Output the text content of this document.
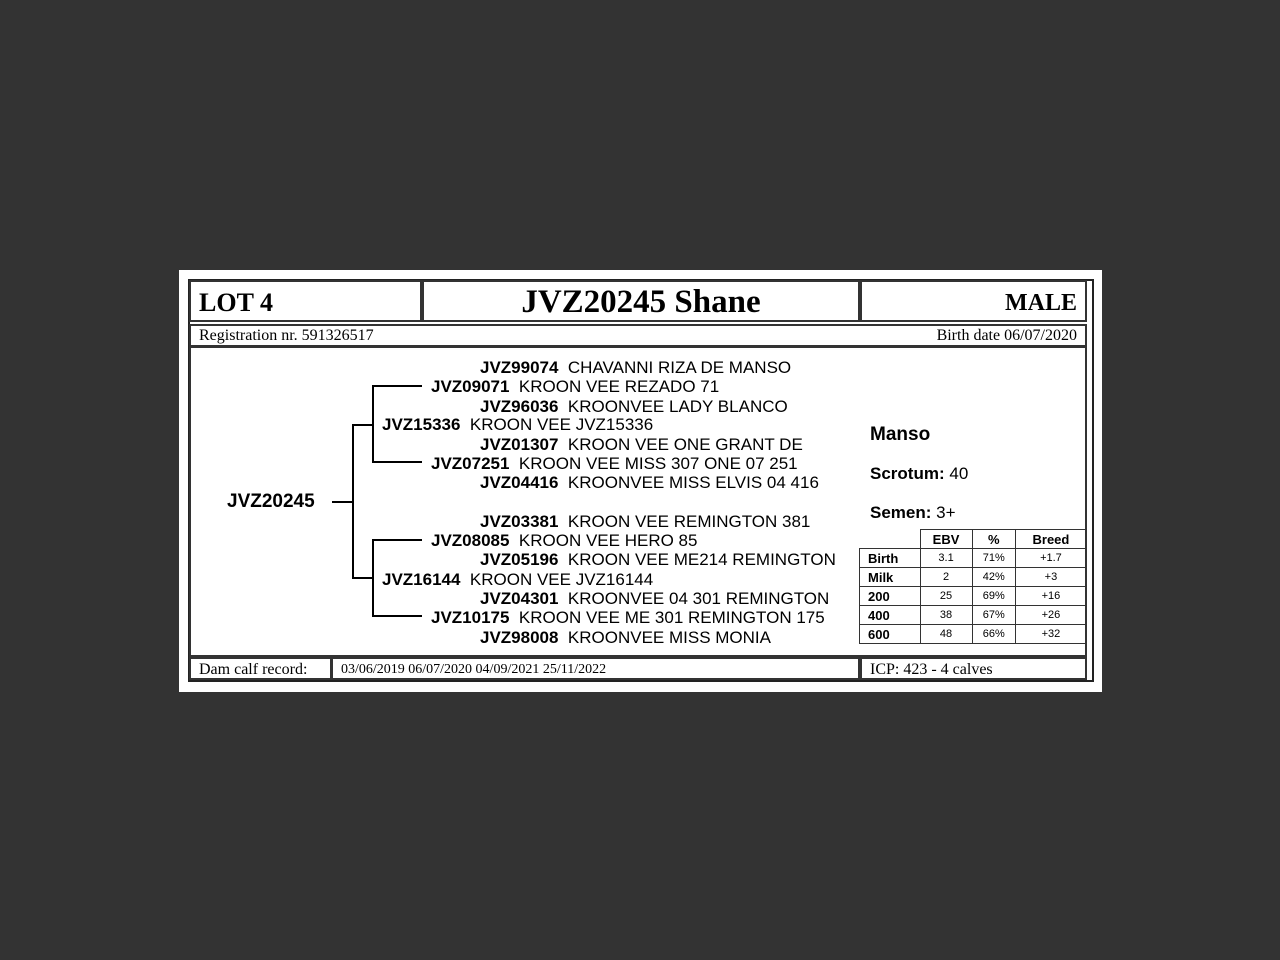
LOT 4	JVZ20245 Shane	MALE
Registration nr. 591326517	Birth date 06/07/2020
JVZ20245
JVZ99074 CHAVANNI RIZA DE MANSO
JVZ09071 KROON VEE REZADO 71
JVZ96036 KROONVEE LADY BLANCO
JVZ15336 KROON VEE JVZ15336
JVZ01307 KROON VEE ONE GRANT DE
JVZ07251 KROON VEE MISS 307 ONE 07 251
JVZ04416 KROONVEE MISS ELVIS 04 416
JVZ03381 KROON VEE REMINGTON 381
JVZ08085 KROON VEE HERO 85
JVZ05196 KROON VEE ME214 REMINGTON
JVZ16144 KROON VEE JVZ16144
JVZ04301 KROONVEE 04 301 REMINGTON
JVZ10175 KROON VEE ME 301 REMINGTON 175
JVZ98008 KROONVEE MISS MONIA
Manso
Scrotum: 40
Semen: 3+
	EBV	%	Breed
Birth	3.1	71%	+1.7
Milk	2	42%	+3
200	25	69%	+16
400	38	67%	+26
600	48	66%	+32
Dam calf record: 03/06/2019 06/07/2020 04/09/2021 25/11/2022	ICP: 423 - 4 calves
